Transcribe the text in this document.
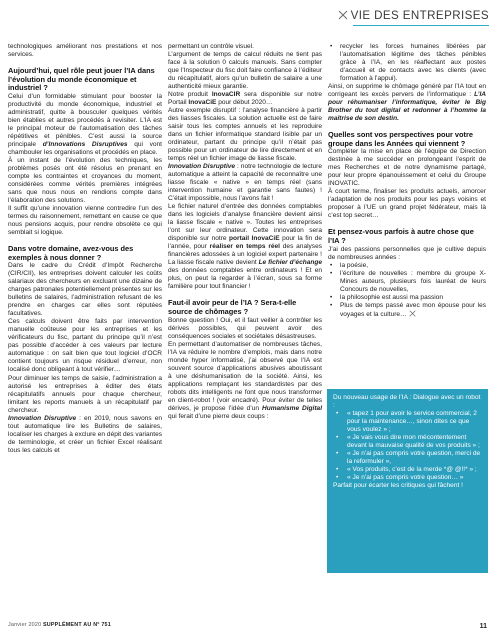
VIE DES ENTREPRISES

technologiques améliorant nos prestations et nos services.

Aujourd’hui, quel rôle peut jouer l’IA dans l’évolution du monde économique et industriel ?

Celui d’un formidable stimulant pour booster la productivité du monde économique, industriel et administratif, quitte à bousculer quelques vérités bien établies et autres procédés à revisiter. L’IA est le principal moteur de l’automatisation des tâches répétitives et pénibles. C’est aussi la source principale d’Innovations Disruptives qui vont chambouler les organisations et procédés en place.

À un instant de l’évolution des techniques, les problèmes posés ont été résolus en prenant en compte les contraintes et croyances du moment, considérées comme vérités premières intégrées sans que nous nous en rendions compte dans l’élaboration des solutions.

Il suffit qu’une innovation vienne contredire l’un des termes du raisonnement, remettant en cause ce que nous pensions acquis, pour rendre obsolète ce qui semblait si logique.

Dans votre domaine, avez-vous des exemples à nous donner ?

Dans le cadre du Crédit d’Impôt Recherche (CIR/CII), les entreprises doivent calculer les coûts salariaux des chercheurs en excluant une dizaine de charges patronales potentiellement présentes sur les bulletins de salaires, l’administration refusant de les prendre en charges car elles sont réputées facultatives.

Ces calculs doivent être faits par intervention manuelle coûteuse pour les entreprises et les vérificateurs du fisc, partant du principe qu’il n’est pas possible d’accéder à ces valeurs par lecture automatique : on sait bien que tout logiciel d’OCR contient toujours un risque résiduel d’erreur, non localisé donc obligeant à tout vérifier…

Pour diminuer les temps de saisie, l’administration a autorisé les entreprises à éditer des états récapitulatifs annuels pour chaque chercheur, limitant les reports manuels à un récapitulatif par chercheur.

Innovation Disruptive : en 2019, nous savons en tout automatique lire les Bulletins de salaires, localiser les charges à exclure en dépit des variantes de terminologie, et créer un fichier Excel réalisant tous les calculs et

permettant un contrôle visuel.

L’argument de temps de calcul réduits ne tient pas face à la solution 0 calculs manuels. Sans compter que l’Inspecteur du fisc doit faire confiance à l’éditeur du récapitulatif, alors qu’un bulletin de salaire a une authenticité mieux garantie.

Notre produit InovaCIR sera disponible sur notre Portail InovaCiE pour début 2020…

Autre exemple disruptif : l’analyse financière à partir des liasses fiscales. La solution actuelle est de faire saisir tous les comptes annuels et les reproduire dans un fichier informatique standard lisible par un ordinateur, partant du principe qu’il n’était pas possible pour un ordinateur de lire directement et en temps réel un fichier image de liasse fiscale.

Innovation Disruptive : notre technologie de lecture automatique a atteint la capacité de reconnaître une liasse fiscale « native » en temps réel (sans intervention humaine et garantie sans fautes) ! C’était impossible, nous l’avons fait !

Le fichier naturel d’entrée des données comptables dans les logiciels d’analyse financière devient ainsi la liasse fiscale « native ». Toutes les entreprises l’ont sur leur ordinateur. Cette innovation sera disponible sur notre portail InovaCiE pour la fin de l’année, pour réaliser en temps réel des analyses financières adossées à un logiciel expert partenaire ! La liasse fiscale native devient Le fichier d’échange des données comptables entre ordinateurs ! Et en plus, on peut la regarder à l’écran, sous sa forme familière pour tout financier !

Faut-il avoir peur de l’IA ? Sera-t-elle source de chômages ?

Bonne question ! Oui, et il faut veiller à contrôler les dérives possibles, qui peuvent avoir des conséquences sociales et sociétales désastreuses.

En permettant d’automatiser de nombreuses tâches, l’IA va réduire le nombre d’emplois, mais dans notre monde hyper informatisé, j’ai observé que l’IA est souvent source d’applications abusives aboutissant à une déshumanisation de la société. Ainsi, les applications remplaçant les standardistes par des robots dits intelligents ne font que nous transformer en client-robot ! (voir encadré). Pour éviter de telles dérives, je propose l’idée d’un Humanisme Digital qui ferait d’une pierre deux coups :

• recycler les forces humaines libérées par l’automatisation légitime des tâches pénibles grâce à l’IA, en les réaffectant aux postes d’accueil et de contacts avec les clients (avec formation à l’appui).

Ainsi, on supprime le chômage généré par l’IA tout en corrigeant les excès pervers de l’informatique : L’IA pour réhumaniser l’informatique, éviter le Big Brother du tout digital et redonner à l’homme la maîtrise de son destin.

Quelles sont vos perspectives pour votre groupe dans les Années qui viennent ?

Compléter la mise en place de l’équipe de Direction destinée à me succéder en prolongeant l’esprit de mes Recherches et de notre dynamisme partagé, pour leur propre épanouissement et celui du Groupe INOVATIC.

À court terme, finaliser les produits actuels, amorcer l’adaptation de nos produits pour les pays voisins et proposer à l’UE un grand projet fédérateur, mais là c’est top secret…

Et pensez-vous parfois à autre chose que l’IA ?

J’ai des passions personnelles que je cultive depuis de nombreuses années :

• la poésie,
• l’écriture de nouvelles : membre du groupe X-Mines auteurs, plusieurs fois lauréat de leurs Concours de nouvelles,
• la philosophie est aussi ma passion
• Plus de temps passé avec mon épouse pour les voyages et la culture…

Du nouveau usage de l’IA : Dialogue avec un robot :

• « tapez 1 pour avoir le service commercial, 2 pour la maintenance…, sinon dites ce que vous voulez » ;
• « Je vais vous dire mon mécontentement devant la mauvaise qualité de vos produits » ;
• « Je n’ai pas compris votre question, merci de la reformuler »,
• « Vos produits, c’est de la merde *@ @!!* » ;
• « Je n’ai pas compris votre question… »

Parfait pour écarter les critiques qui fâchent !

Janvier 2020 SUPPLÉMENT AU N° 751	11
